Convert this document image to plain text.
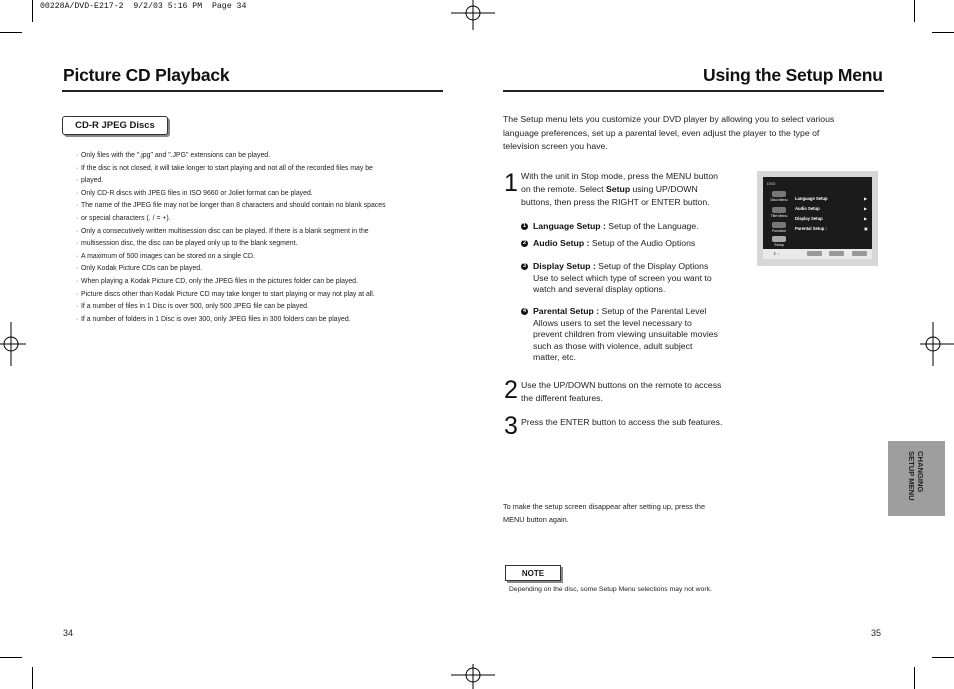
00228A/DVD-E217-2  9/2/03 5:16 PM  Page 34
Picture CD Playback
CD-R JPEG Discs
· Only files with the ".jpg" and ".JPG" extensions can be played.
· If the disc is not closed, it will take longer to start playing and not all of the recorded files may be
· played.
· Only CD-R discs with JPEG files in ISO 9660 or Joliet format can be played.
· The name of the JPEG file may not be longer than 8 characters and should contain no blank spaces
· or special characters (. / = +).
· Only a consecutively written multisession disc can be played. If there is a blank segment in the
· multisession disc, the disc can be played only up to the blank segment.
· A maximum of 500 images can be stored on a single CD.
· Only Kodak Picture CDs can be played.
· When playing a Kodak Picture CD, only the JPEG files in the pictures folder can be played.
· Picture discs other than Kodak Picture CD may take longer to start playing or may not play at all.
· If a number of files in 1 Disc is over 500, only 500 JPEG file can be played.
· If a number of folders in 1 Disc is over 300, only JPEG files in 300 folders can be played.
34
Using the Setup Menu
The Setup menu lets you customize your DVD player by allowing you to select various
language preferences, set up a parental level, even adjust the player to the type of
television screen you have.
1 With the unit in Stop mode, press the MENU button
on the remote. Select Setup using UP/DOWN
buttons, then press the RIGHT or ENTER button.
1 Language Setup : Setup of the Language.
2 Audio Setup : Setup of the Audio Options
3 Display Setup : Setup of the Display Options
Use to select which type of screen you want to
watch and several display options.
4 Parental Setup : Setup of the Parental Level
Allows users to set the level necessary to
prevent children from viewing unsuitable movies
such as those with violence, adult subject
matter, etc.
DVD
Disc Menu
Title Menu
Function
Setup
Language Setup	▶
Audio Setup	▶
Display Setup	▶
Parental Setup :	▣
⇕⇔
2 Use the UP/DOWN buttons on the remote to access
the different features.
3 Press the ENTER button to access the sub features.
To make the setup screen disappear after setting up, press the
MENU button again.
NOTE
Depending on the disc, some Setup Menu selections may not work.
35
CHANGING
SETUP MENU
